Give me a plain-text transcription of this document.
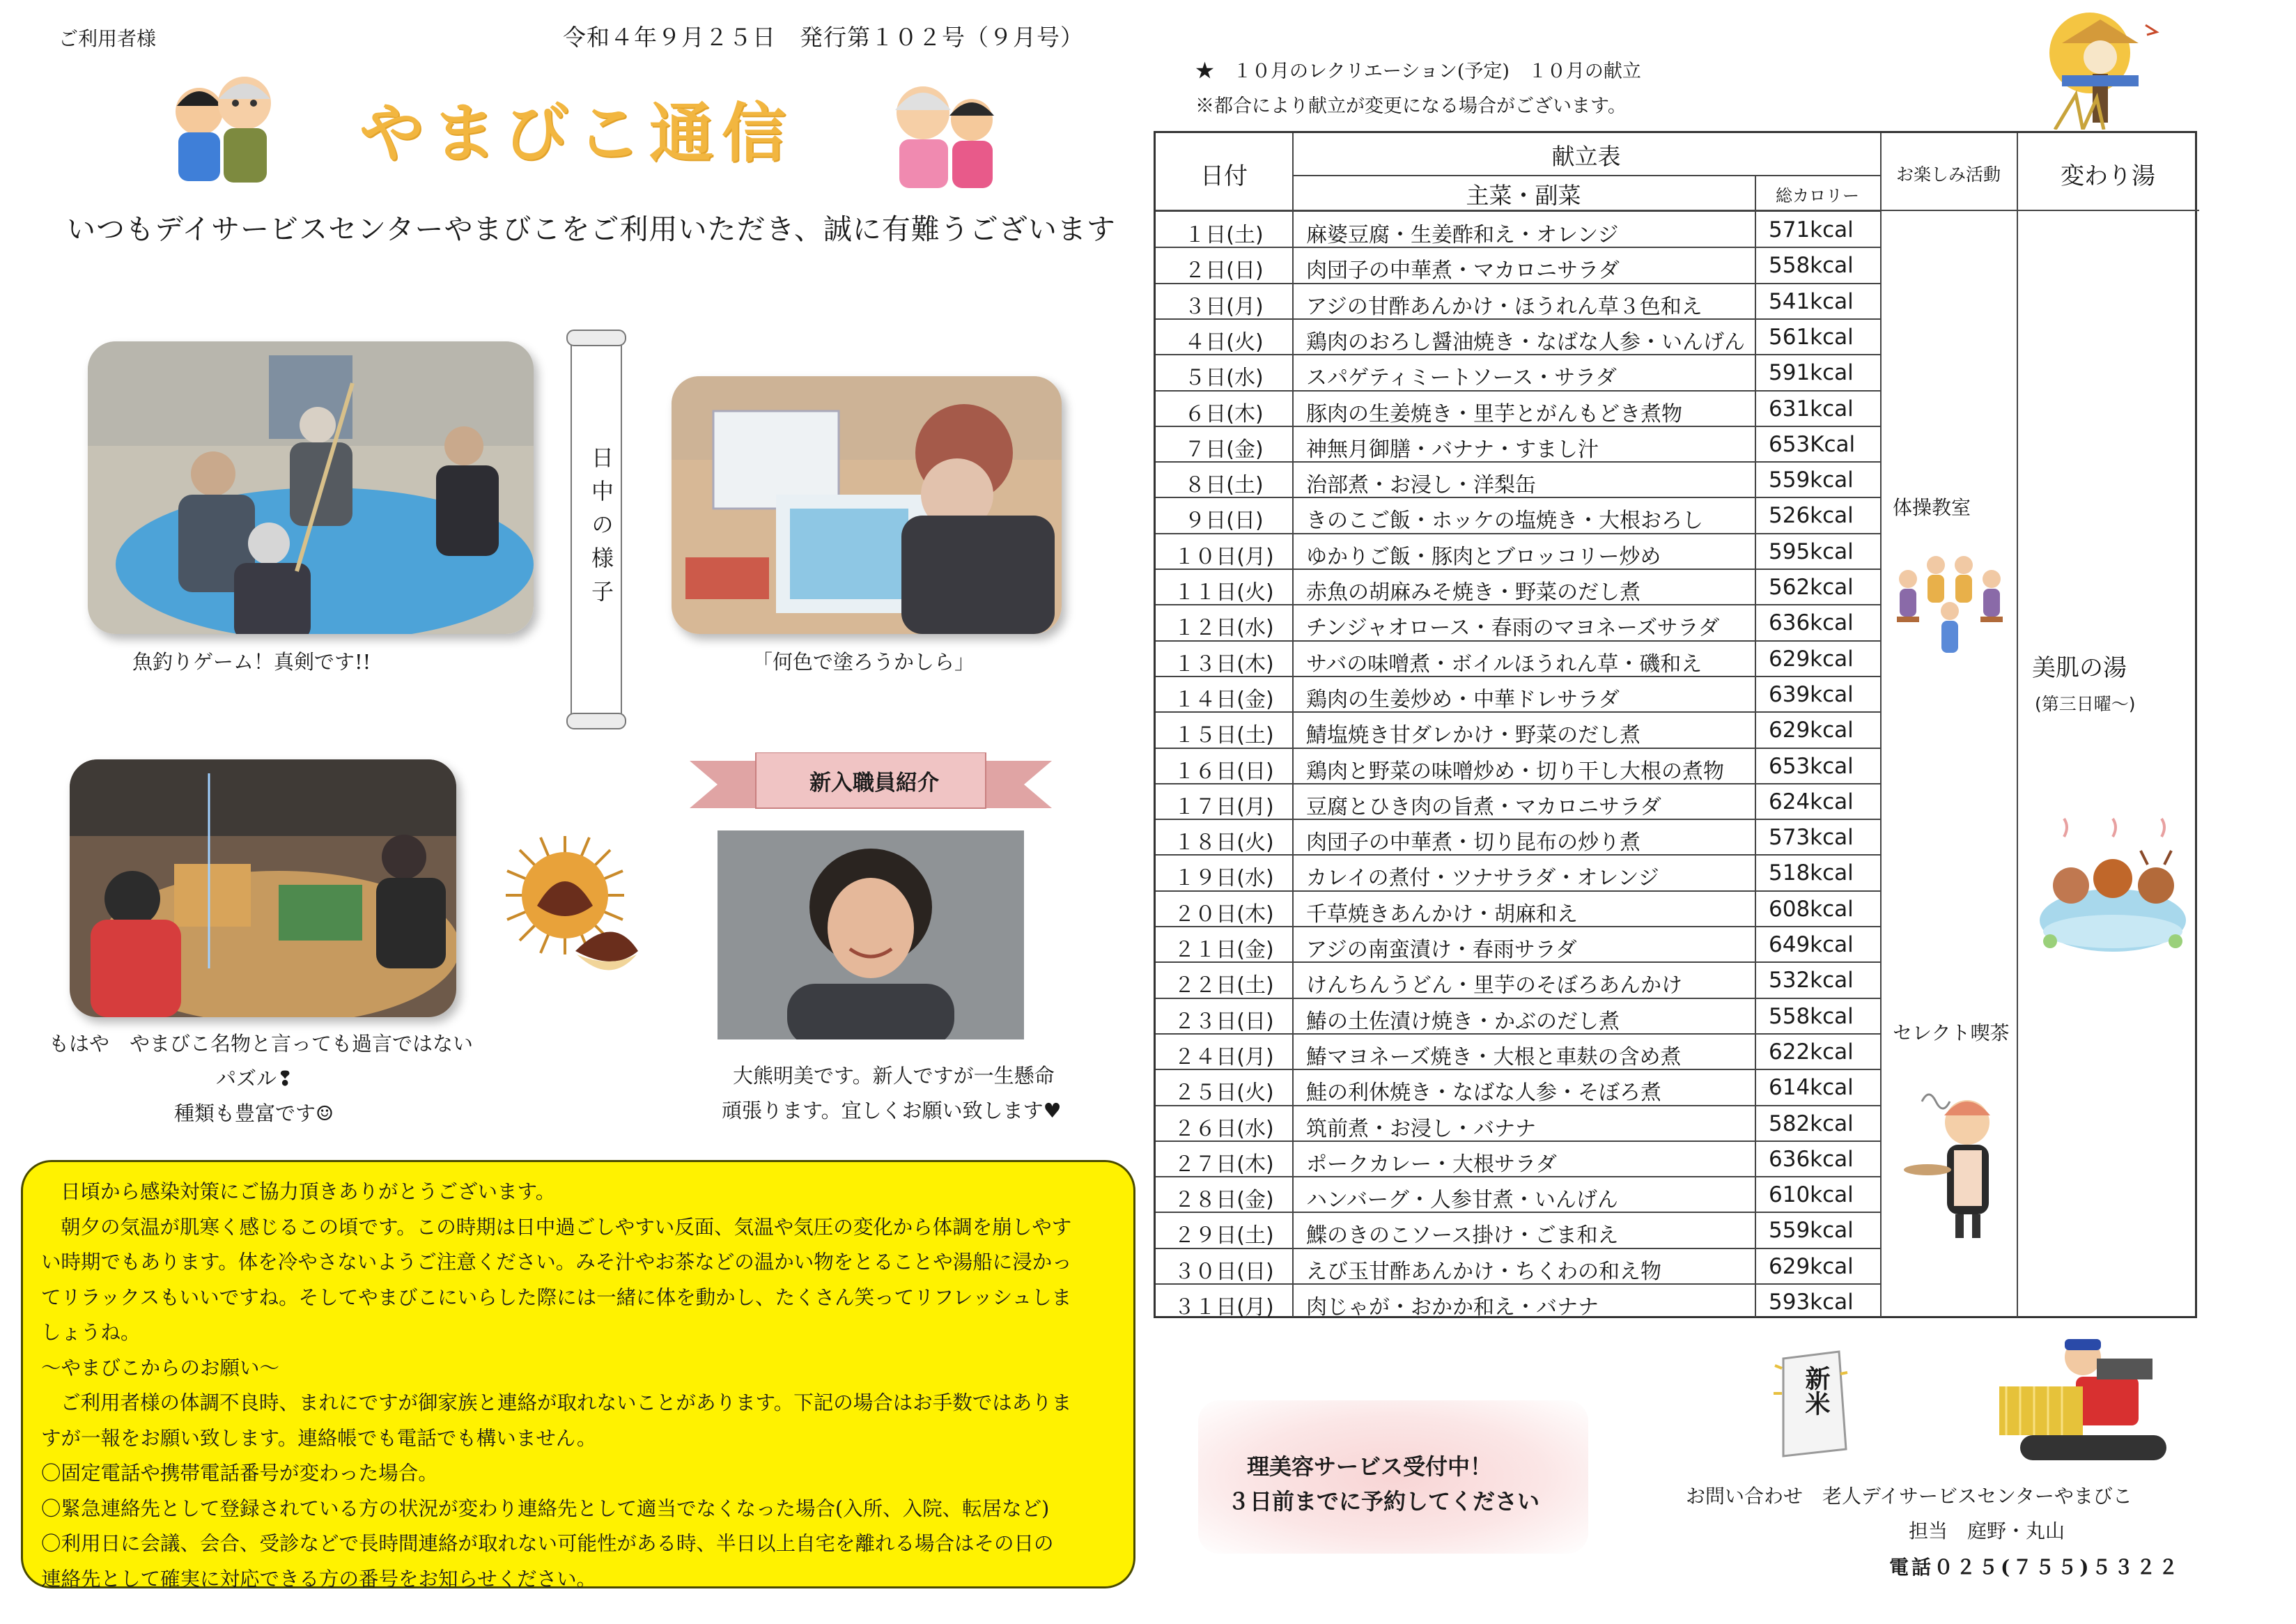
ご利用者様	令和４年９月２５日　発行第１０２号（９月号）
やまびこ通信
いつもデイサービスセンターやまびこをご利用いただき、誠に有難うございます
魚釣りゲーム！真剣です!!
日中の様子
「何色で塗ろうかしら」
もはや　やまびこ名物と言っても過言ではない
パズル❢
種類も豊富です☺
新入職員紹介
大熊明美です。新人ですが一生懸命
頑張ります。宜しくお願い致します♥

日頃から感染対策にご協力頂きありがとうございます。

朝夕の気温が肌寒く感じるこの頃です。この時期は日中過ごしやすい反面、気温や気圧の変化から体調を崩しやす

い時期でもあります。体を冷やさないようご注意ください。みそ汁やお茶などの温かい物をとることや湯船に浸かっ

てリラックスもいいですね。そしてやまびこにいらした際には一緒に体を動かし、たくさん笑ってリフレッシュしま

しょうね。

〜やまびこからのお願い〜

ご利用者様の体調不良時、まれにですが御家族と連絡が取れないことがあります。下記の場合はお手数ではありま

すが一報をお願い致します。連絡帳でも電話でも構いません。

〇固定電話や携帯電話番号が変わった場合。

〇緊急連絡先として登録されている方の状況が変わり連絡先として適当でなくなった場合(入所、入院、転居など)

〇利用日に会議、会合、受診などで長時間連絡が取れない可能性がある時、半日以上自宅を離れる場合はその日の

連絡先として確実に対応できる方の番号をお知らせください。

★　１０月のレクリエーション(予定)　１０月の献立
※都合により献立が変更になる場合がございます。
日付
献立表
主菜・副菜	総カロリー
お楽しみ活動	変わり湯
１日(土)	麻婆豆腐・生姜酢和え・オレンジ	571kcal
２日(日)	肉団子の中華煮・マカロニサラダ	558kcal
３日(月)	アジの甘酢あんかけ・ほうれん草３色和え	541kcal
４日(火)	鶏肉のおろし醤油焼き・なばな人参・いんげん 561kcal
５日(水)	スパゲティミートソース・サラダ	591kcal
６日(木)	豚肉の生姜焼き・里芋とがんもどき煮物	631kcal
７日(金)	神無月御膳・バナナ・すまし汁	653Kcal
８日(土)	治部煮・お浸し・洋梨缶	559kcal
９日(日)	きのこご飯・ホッケの塩焼き・大根おろし	526kcal
１０日(月)	ゆかりご飯・豚肉とブロッコリー炒め	595kcal
１１日(火)	赤魚の胡麻みそ焼き・野菜のだし煮	562kcal
１２日(水)	チンジャオロース・春雨のマヨネーズサラダ 636kcal
１３日(木)	サバの味噌煮・ボイルほうれん草・磯和え	629kcal
１４日(金)	鶏肉の生姜炒め・中華ドレサラダ	639kcal
１５日(土)	鯖塩焼き甘ダレかけ・野菜のだし煮	629kcal
１６日(日)	鶏肉と野菜の味噌炒め・切り干し大根の煮物 653kcal
１７日(月)	豆腐とひき肉の旨煮・マカロニサラダ	624kcal
１８日(火)	肉団子の中華煮・切り昆布の炒り煮	573kcal
１９日(水)	カレイの煮付・ツナサラダ・オレンジ	518kcal
２０日(木)	千草焼きあんかけ・胡麻和え	608kcal
２１日(金)	アジの南蛮漬け・春雨サラダ	649kcal
２２日(土)	けんちんうどん・里芋のそぼろあんかけ	532kcal
２３日(日)	鰆の土佐漬け焼き・かぶのだし煮	558kcal
２４日(月)	鰆マヨネーズ焼き・大根と車麸の含め煮	622kcal
２５日(火)	鮭の利休焼き・なばな人参・そぼろ煮	614kcal
２６日(水)	筑前煮・お浸し・バナナ	582kcal
２７日(木)	ポークカレー・大根サラダ	636kcal
２８日(金)	ハンバーグ・人参甘煮・いんげん	610kcal
２９日(土)	鰈のきのこソース掛け・ごま和え	559kcal
３０日(日)	えび玉甘酢あんかけ・ちくわの和え物	629kcal
３１日(月)	肉じゃが・おかか和え・バナナ	593kcal
体操教室
セレクト喫茶
美肌の湯
(第三日曜〜)
新米
理美容サービス受付中！
３日前までに予約してください	お問い合わせ　老人デイサービスセンターやまびこ
担当　庭野・丸山
電話０２５(７５５)５３２２
